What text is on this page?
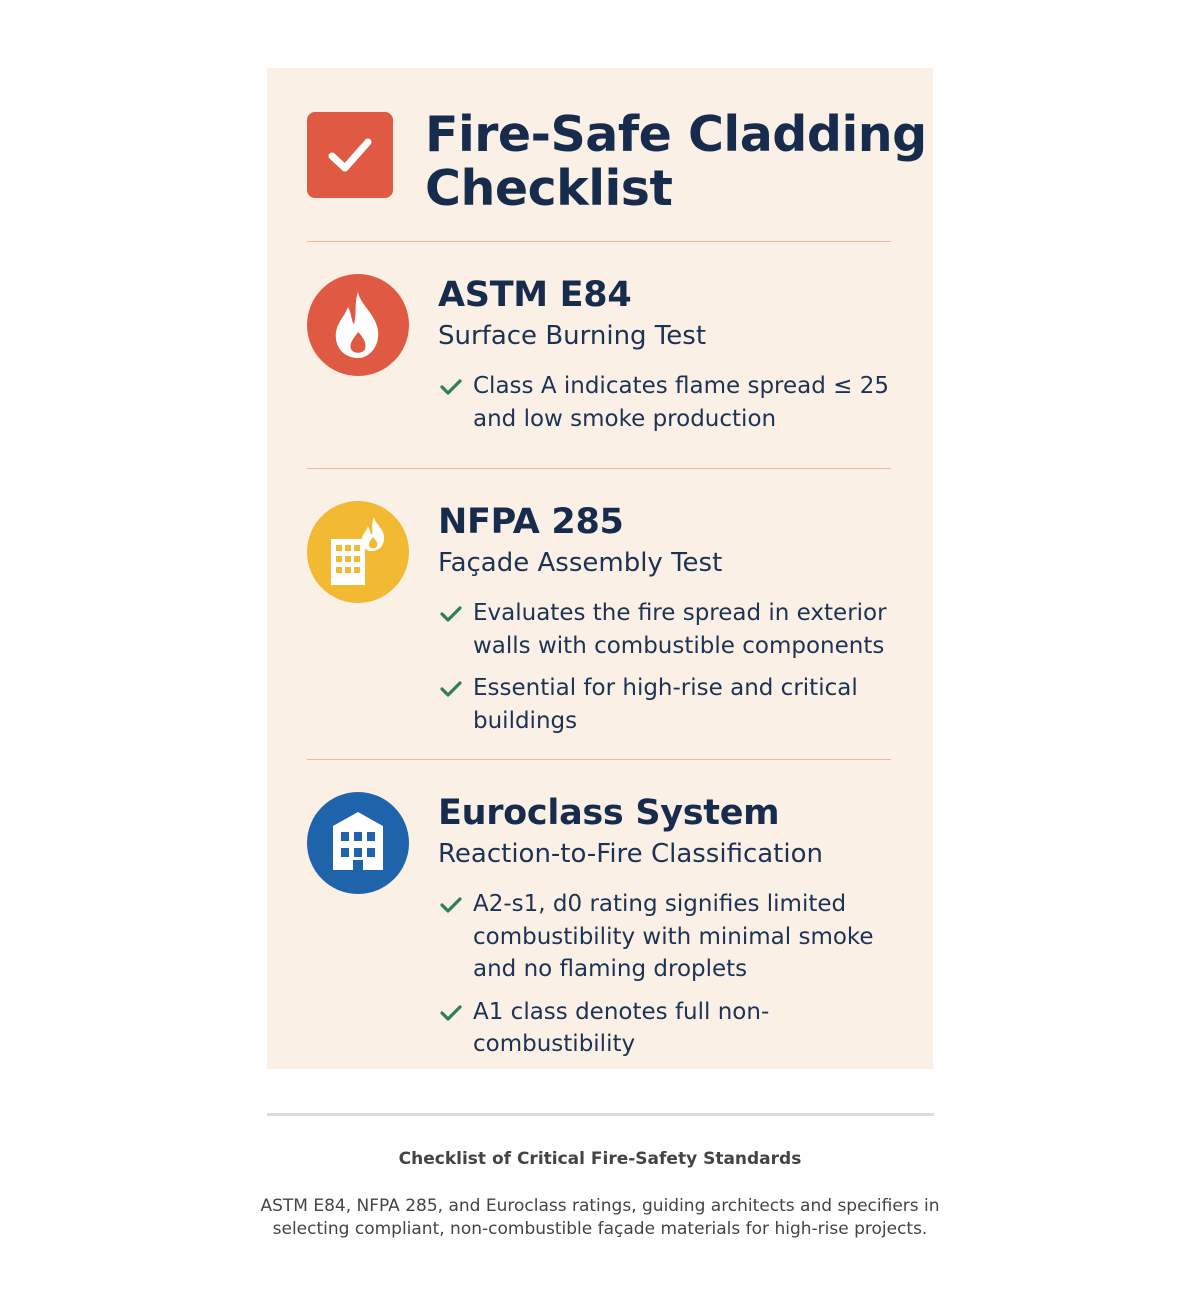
Fire-Safe Cladding Checklist
ASTM E84

Surface Burning Test

Class A indicates flame spread ≤ 25 and low smoke production
NFPA 285

Façade Assembly Test

Evaluates the fire spread in exterior walls with combustible components
Essential for high-rise and critical buildings
Euroclass System

Reaction-to-Fire Classification

A2-s1, d0 rating signifies limited combustibility with minimal smoke and no flaming droplets
A1 class denotes full non-combustibility

Checklist of Critical Fire-Safety Standards

ASTM E84, NFPA 285, and Euroclass ratings, guiding architects and specifiers in selecting compliant, non-combustible façade materials for high-rise projects.
